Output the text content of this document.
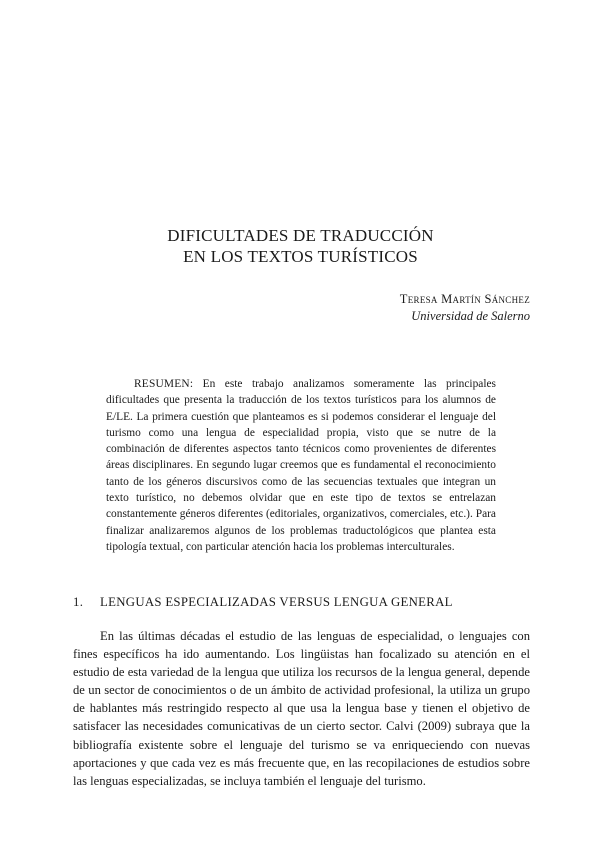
DIFICULTADES DE TRADUCCIÓN
EN LOS TEXTOS TURÍSTICOS
Teresa Martín Sánchez
Universidad de Salerno

RESUMEN: En este trabajo analizamos someramente las principales dificultades que presenta la traducción de los textos turísticos para los alumnos de E/LE. La primera cuestión que planteamos es si podemos considerar el lenguaje del turismo como una lengua de especialidad propia, visto que se nutre de la combinación de diferentes aspectos tanto técnicos como provenientes de diferentes áreas disciplinares. En segundo lugar creemos que es fundamental el reconocimiento tanto de los géneros discursivos como de las secuencias textuales que integran un texto turístico, no debemos olvidar que en este tipo de textos se entrelazan constantemente géneros diferentes (editoriales, organizativos, comerciales, etc.). Para finalizar analizaremos algunos de los problemas traductológicos que plantea esta tipología textual, con particular atención hacia los problemas interculturales.

1. LENGUAS ESPECIALIZADAS VERSUS LENGUA GENERAL

En las últimas décadas el estudio de las lenguas de especialidad, o lenguajes con fines específicos ha ido aumentando. Los lingüistas han focalizado su atención en el estudio de esta variedad de la lengua que utiliza los recursos de la lengua general, depende de un sector de conocimientos o de un ámbito de actividad profesional, la utiliza un grupo de hablantes más restringido respecto al que usa la lengua base y tienen el objetivo de satisfacer las necesidades comunicativas de un cierto sector. Calvi (2009) subraya que la bibliografía existente sobre el lenguaje del turismo se va enriqueciendo con nuevas aportaciones y que cada vez es más frecuente que, en las recopilaciones de estudios sobre las lenguas especializadas, se incluya también el lenguaje del turismo.
